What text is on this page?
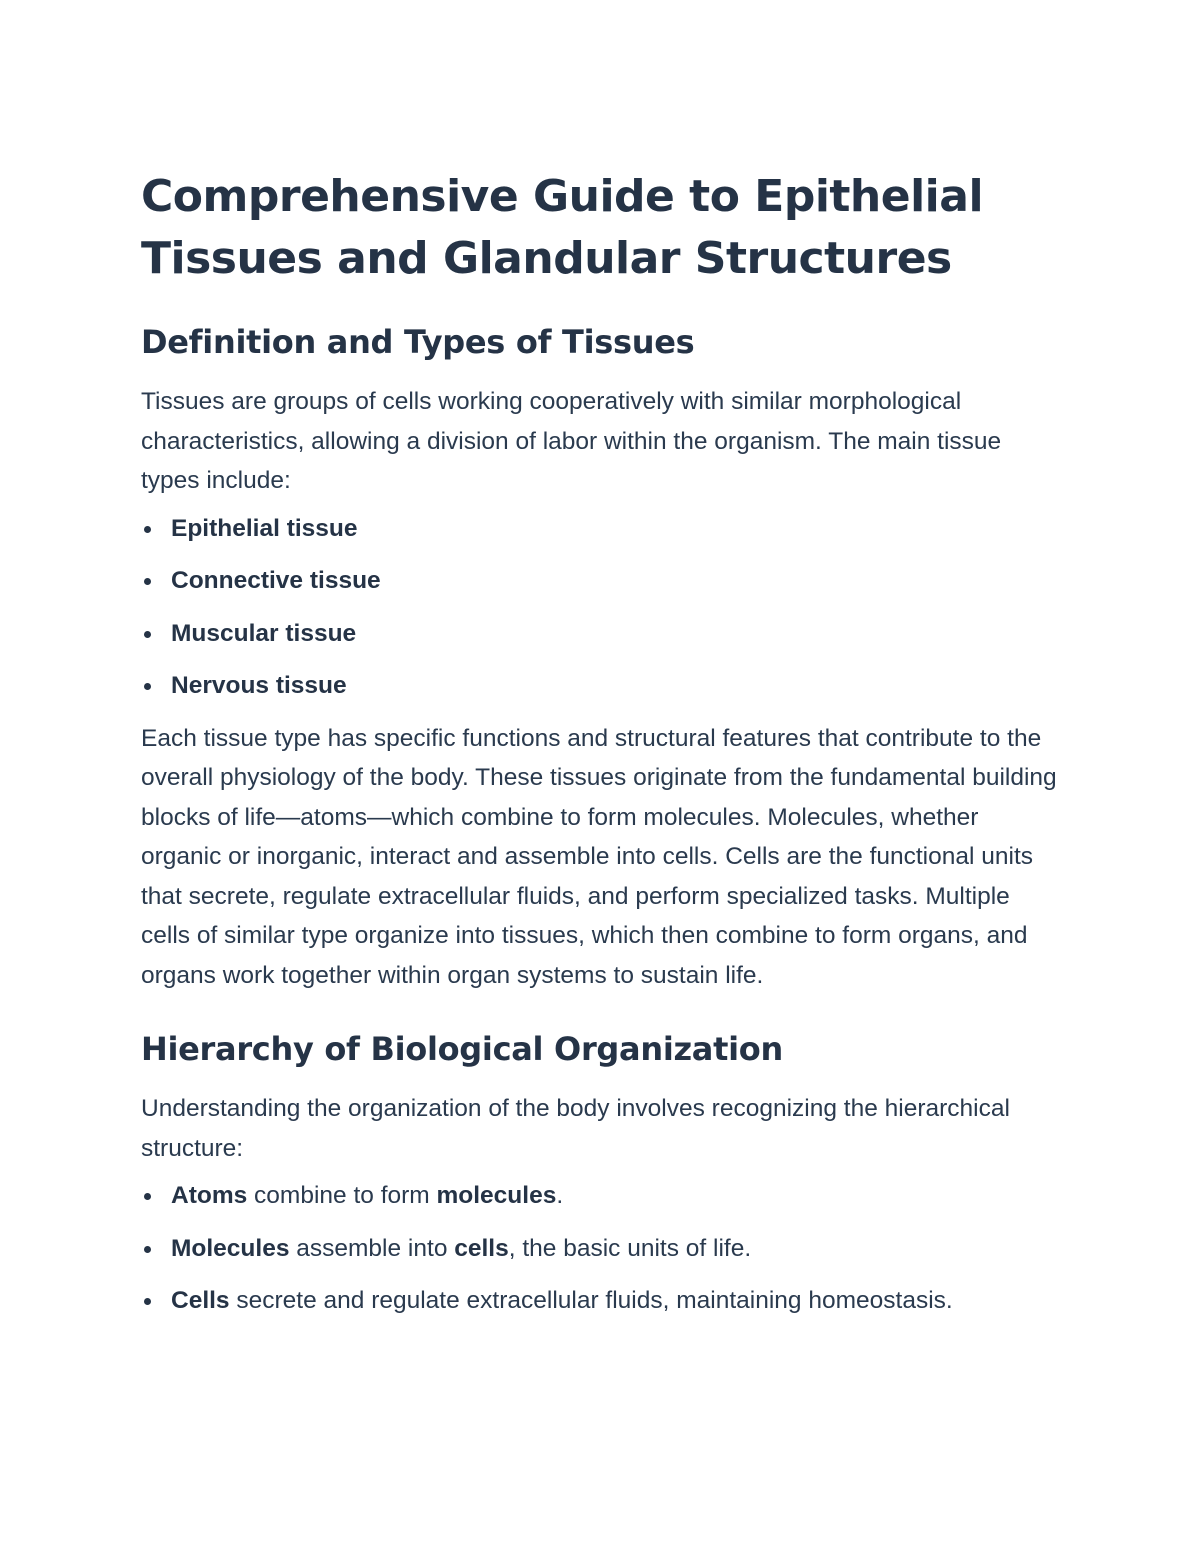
Comprehensive Guide to Epithelial Tissues and Glandular Structures
Definition and Types of Tissues

Tissues are groups of cells working cooperatively with similar morphological characteristics, allowing a division of labor within the organism. The main tissue types include:

Epithelial tissue
Connective tissue
Muscular tissue
Nervous tissue

Each tissue type has specific functions and structural features that contribute to the overall physiology of the body. These tissues originate from the fundamental building blocks of life—atoms—which combine to form molecules. Molecules, whether organic or inorganic, interact and assemble into cells. Cells are the functional units that secrete, regulate extracellular fluids, and perform specialized tasks. Multiple cells of similar type organize into tissues, which then combine to form organs, and organs work together within organ systems to sustain life.

Hierarchy of Biological Organization

Understanding the organization of the body involves recognizing the hierarchical structure:

Atoms combine to form molecules.
Molecules assemble into cells, the basic units of life.
Cells secrete and regulate extracellular fluids, maintaining homeostasis.
